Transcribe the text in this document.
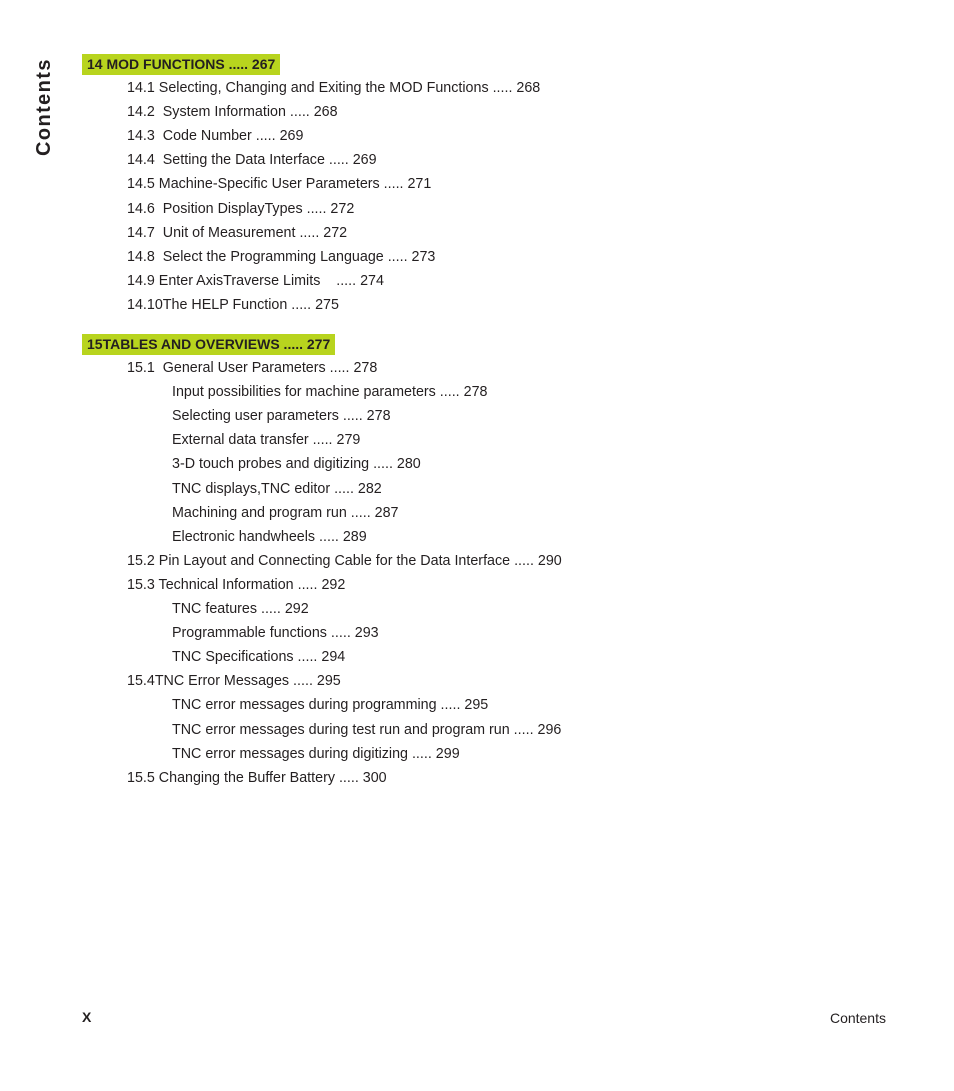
Contents	14 MOD FUNCTIONS ..... 267
14.1 Selecting, Changing and Exiting the MOD Functions ..... 268
14.2  System Information ..... 268
14.3  Code Number ..... 269
14.4  Setting the Data Interface ..... 269
14.5 Machine-Specific User Parameters ..... 271
14.6  Position DisplayTypes ..... 272
14.7  Unit of Measurement ..... 272
14.8  Select the Programming Language ..... 273
14.9 Enter AxisTraverse Limits    ..... 274
14.10The HELP Function ..... 275
15TABLES AND OVERVIEWS ..... 277
15.1  General User Parameters ..... 278
Input possibilities for machine parameters ..... 278
Selecting user parameters ..... 278
External data transfer ..... 279
3-D touch probes and digitizing ..... 280
TNC displays,TNC editor ..... 282
Machining and program run ..... 287
Electronic handwheels ..... 289
15.2 Pin Layout and Connecting Cable for the Data Interface ..... 290
15.3 Technical Information ..... 292
TNC features ..... 292
Programmable functions ..... 293
TNC Specifications ..... 294
15.4TNC Error Messages ..... 295
TNC error messages during programming ..... 295
TNC error messages during test run and program run ..... 296
TNC error messages during digitizing ..... 299
15.5 Changing the Buffer Battery ..... 300
X	Contents
